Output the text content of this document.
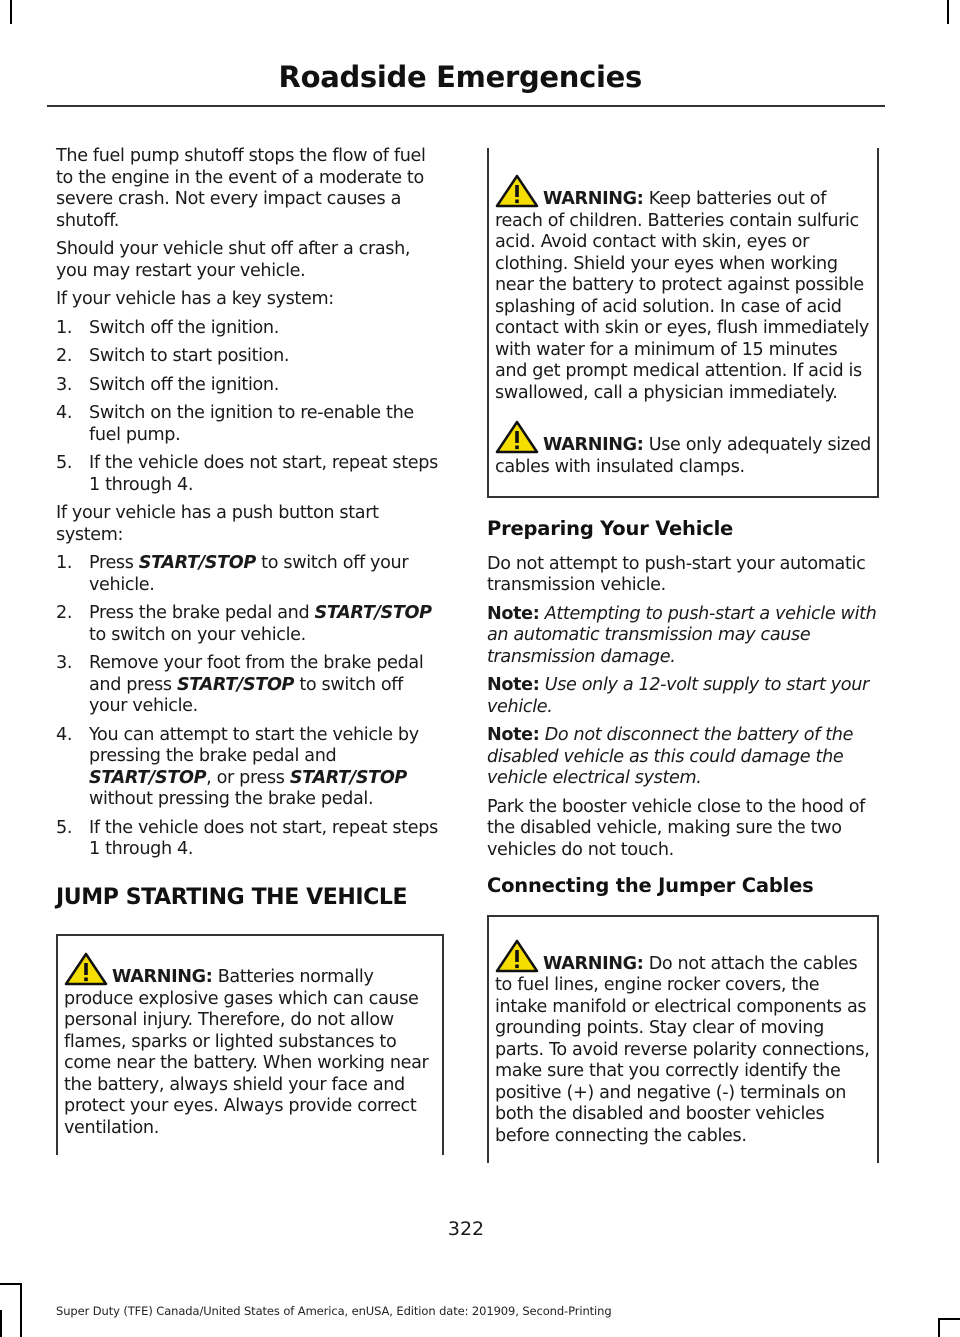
Roadside Emergencies

The fuel pump shutoff stops the flow of fuel to the engine in the event of a moderate to severe crash. Not every impact causes a shutoff.

Should your vehicle shut off after a crash, you may restart your vehicle.

If your vehicle has a key system:

1. Switch off the ignition.
2. Switch to start position.
3. Switch off the ignition.
4. Switch on the ignition to re-enable the fuel pump.
5. If the vehicle does not start, repeat steps 1 through 4.

If your vehicle has a push button start system:

1. Press START/STOP to switch off your vehicle.
2. Press the brake pedal and START/STOP to switch on your vehicle.
3. Remove your foot from the brake pedal and press START/STOP to switch off your vehicle.
4. You can attempt to start the vehicle by pressing the brake pedal and START/STOP, or press START/STOP without pressing the brake pedal.
5. If the vehicle does not start, repeat steps 1 through 4.
JUMP STARTING THE VEHICLE
WARNING: Batteries normally produce explosive gases which can cause personal injury. Therefore, do not allow flames, sparks or lighted substances to come near the battery. When working near the battery, always shield your face and protect your eyes. Always provide correct ventilation.
WARNING: Keep batteries out of reach of children. Batteries contain sulfuric acid. Avoid contact with skin, eyes or clothing. Shield your eyes when working near the battery to protect against possible splashing of acid solution. In case of acid contact with skin or eyes, flush immediately with water for a minimum of 15 minutes and get prompt medical attention. If acid is swallowed, call a physician immediately.
WARNING: Use only adequately sized cables with insulated clamps.
Preparing Your Vehicle

Do not attempt to push-start your automatic transmission vehicle.

Note: Attempting to push-start a vehicle with an automatic transmission may cause transmission damage.

Note: Use only a 12-volt supply to start your vehicle.

Note: Do not disconnect the battery of the disabled vehicle as this could damage the vehicle electrical system.

Park the booster vehicle close to the hood of the disabled vehicle, making sure the two vehicles do not touch.

Connecting the Jumper Cables
WARNING: Do not attach the cables to fuel lines, engine rocker covers, the intake manifold or electrical components as grounding points. Stay clear of moving parts. To avoid reverse polarity connections, make sure that you correctly identify the positive (+) and negative (-) terminals on both the disabled and booster vehicles before connecting the cables.
322
Super Duty (TFE) Canada/United States of America, enUSA, Edition date: 201909, Second-Printing
